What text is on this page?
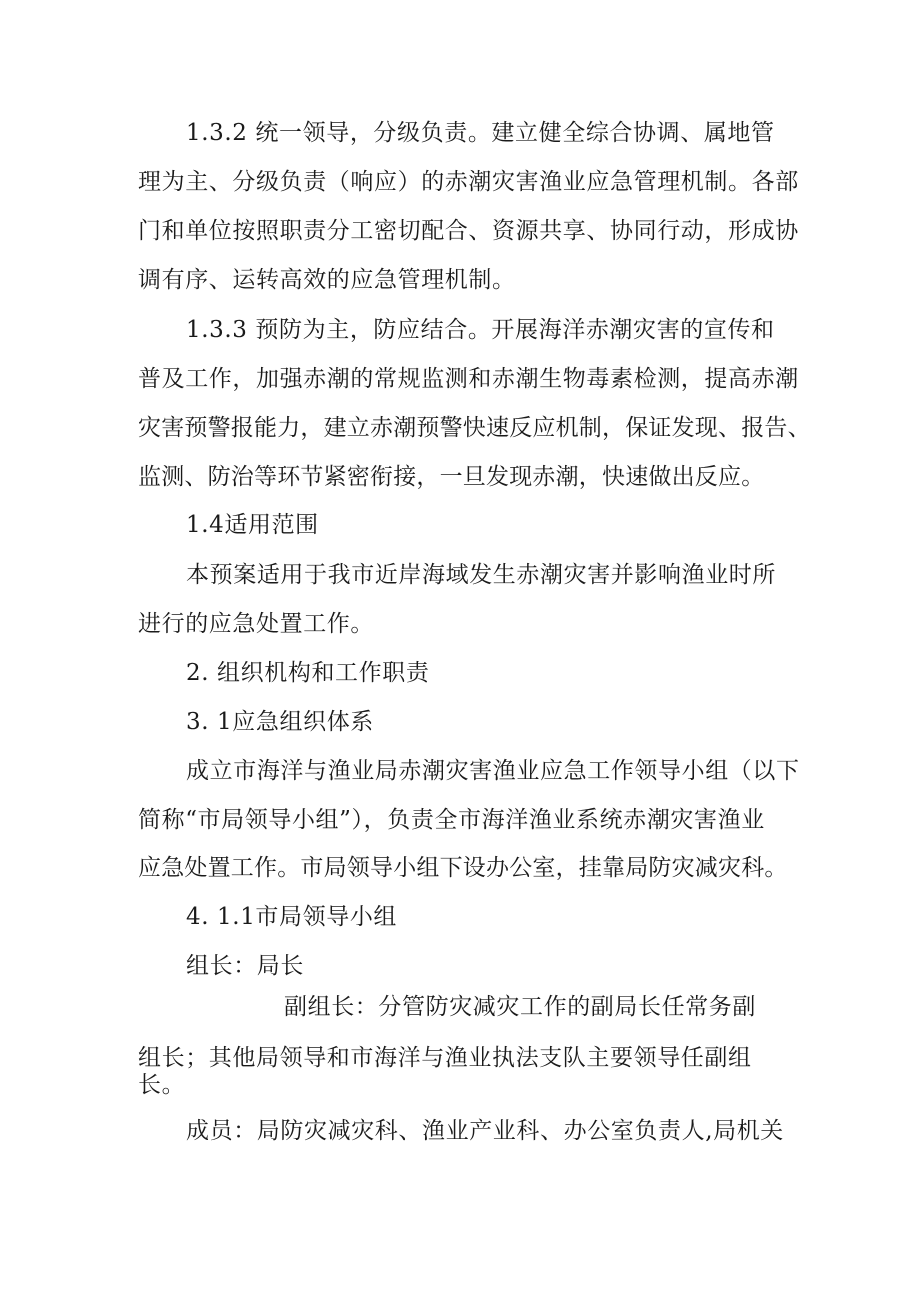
1.3.2 统一领导，分级负责。建立健全综合协调、属地管
理为主、分级负责（响应）的赤潮灾害渔业应急管理机制。各部
门和单位按照职责分工密切配合、资源共享、协同行动，形成协
调有序、运转高效的应急管理机制。
1.3.3 预防为主，防应结合。开展海洋赤潮灾害的宣传和
普及工作，加强赤潮的常规监测和赤潮生物毒素检测，提高赤潮
灾害预警报能力，建立赤潮预警快速反应机制，保证发现、报告、
监测、防治等环节紧密衔接，一旦发现赤潮，快速做出反应。
1.4适用范围
本预案适用于我市近岸海域发生赤潮灾害并影响渔业时所
进行的应急处置工作。
2. 组织机构和工作职责
3. 1应急组织体系
成立市海洋与渔业局赤潮灾害渔业应急工作领导小组（以下
简称“市局领导小组”），负责全市海洋渔业系统赤潮灾害渔业
应急处置工作。市局领导小组下设办公室，挂靠局防灾减灾科。
4. 1.1市局领导小组
组长：局长
副组长：分管防灾减灾工作的副局长任常务副
组长；其他局领导和市海洋与渔业执法支队主要领导任副组
长。
成员：局防灾减灾科、渔业产业科、办公室负责人,局机关
